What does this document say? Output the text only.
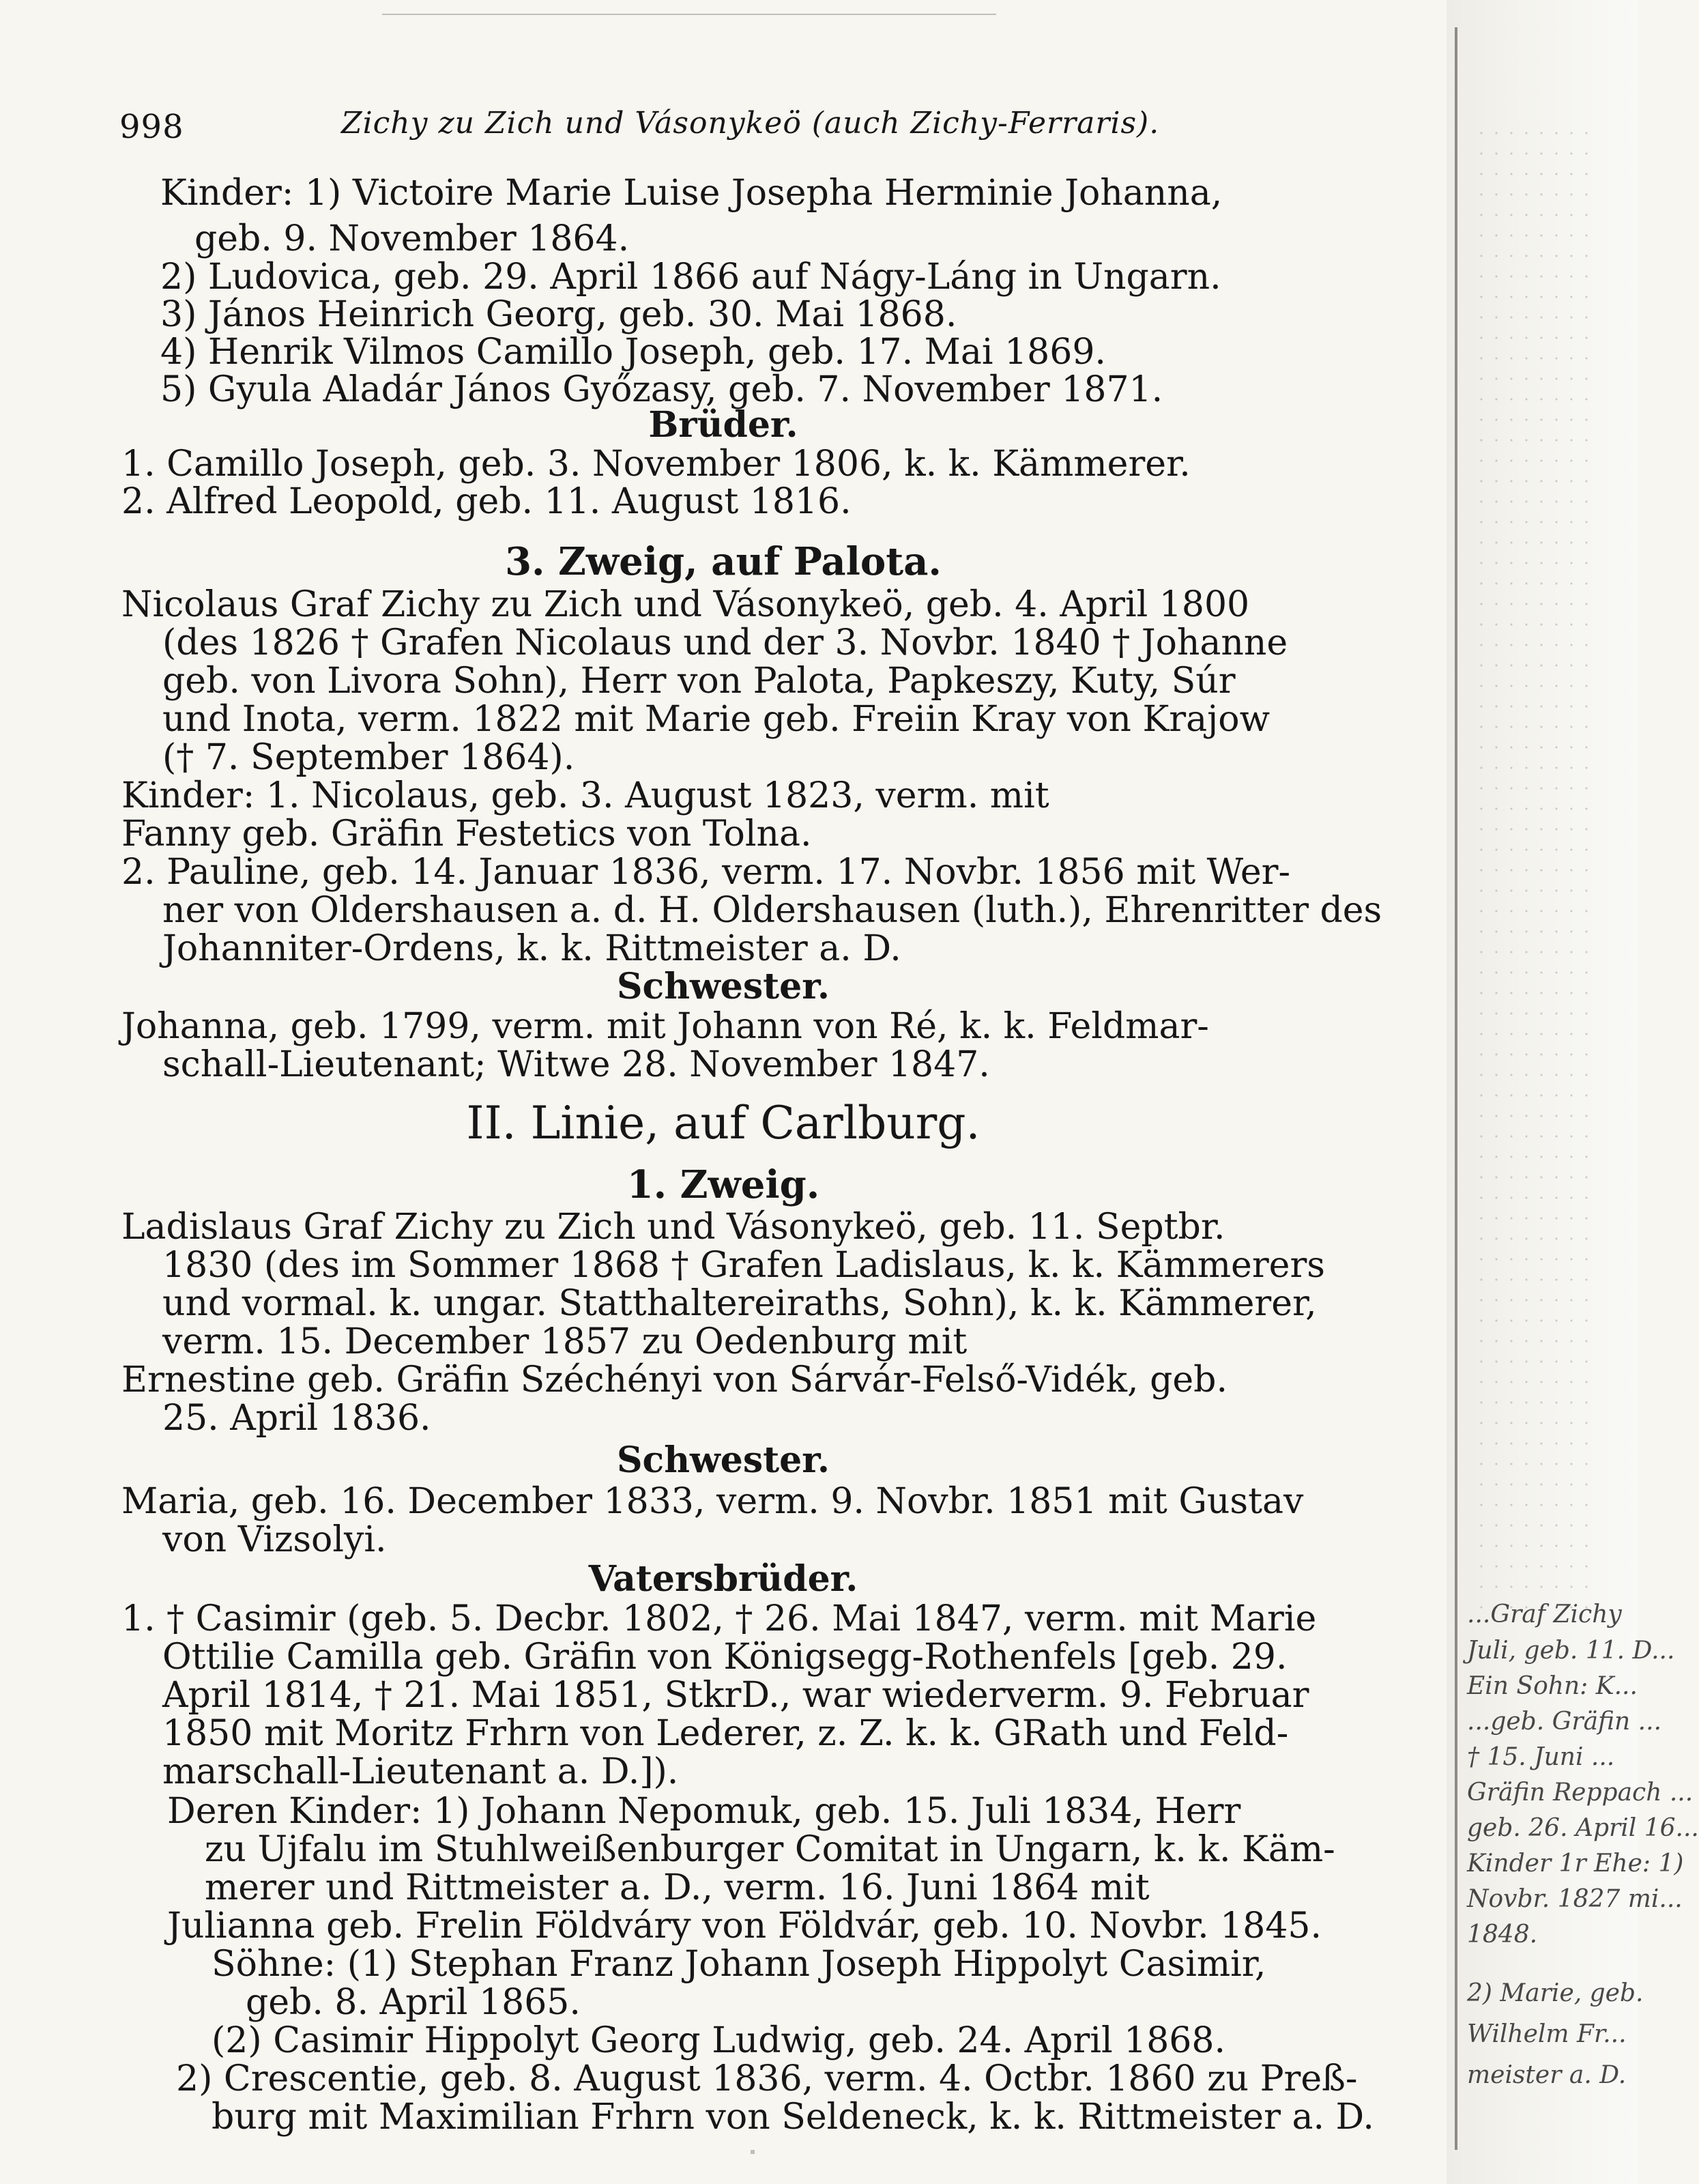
998	Zichy zu Zich und Vásonykeö (auch Zichy-Ferraris).
Kinder: 1) Victoire Marie Luise Josepha Herminie Johanna,
geb. 9. November 1864.
2) Ludovica, geb. 29. April 1866 auf Nágy-Láng in Ungarn.
3) János Heinrich Georg, geb. 30. Mai 1868.
4) Henrik Vilmos Camillo Joseph, geb. 17. Mai 1869.
5) Gyula Aladár János Győzasy, geb. 7. November 1871.
Brüder.
1. Camillo Joseph, geb. 3. November 1806, k. k. Kämmerer.
2. Alfred Leopold, geb. 11. August 1816.
3. Zweig, auf Palota.
Nicolaus Graf Zichy zu Zich und Vásonykeö, geb. 4. April 1800
(des 1826 † Grafen Nicolaus und der 3. Novbr. 1840 † Johanne
geb. von Livora Sohn), Herr von Palota, Papkeszy, Kuty, Súr
und Inota, verm. 1822 mit Marie geb. Freiin Kray von Krajow
(† 7. September 1864).
Kinder: 1. Nicolaus, geb. 3. August 1823, verm. mit
Fanny geb. Gräfin Festetics von Tolna.
2. Pauline, geb. 14. Januar 1836, verm. 17. Novbr. 1856 mit Wer-
ner von Oldershausen a. d. H. Oldershausen (luth.), Ehrenritter des
Johanniter-Ordens, k. k. Rittmeister a. D.
Schwester.
Johanna, geb. 1799, verm. mit Johann von Ré, k. k. Feldmar-
schall-Lieutenant; Witwe 28. November 1847.
II. Linie, auf Carlburg.
1. Zweig.
Ladislaus Graf Zichy zu Zich und Vásonykeö, geb. 11. Septbr.
1830 (des im Sommer 1868 † Grafen Ladislaus, k. k. Kämmerers
und vormal. k. ungar. Statthaltereiraths, Sohn), k. k. Kämmerer,
verm. 15. December 1857 zu Oedenburg mit
Ernestine geb. Gräfin Széchényi von Sárvár-Felső-Vidék, geb.
25. April 1836.
Schwester.
Maria, geb. 16. December 1833, verm. 9. Novbr. 1851 mit Gustav
von Vizsolyi.
Vatersbrüder.
1. † Casimir (geb. 5. Decbr. 1802, † 26. Mai 1847, verm. mit Marie
Ottilie Camilla geb. Gräfin von Königsegg-Rothenfels [geb. 29.
April 1814, † 21. Mai 1851, StkrD., war wiederverm. 9. Februar
1850 mit Moritz Frhrn von Lederer, z. Z. k. k. GRath und Feld-
marschall-Lieutenant a. D.]).
Deren Kinder: 1) Johann Nepomuk, geb. 15. Juli 1834, Herr
zu Ujfalu im Stuhlweißenburger Comitat in Ungarn, k. k. Käm-
merer und Rittmeister a. D., verm. 16. Juni 1864 mit
Julianna geb. Frelin Földváry von Földvár, geb. 10. Novbr. 1845.
Söhne: (1) Stephan Franz Johann Joseph Hippolyt Casimir,
geb. 8. April 1865.
(2) Casimir Hippolyt Georg Ludwig, geb. 24. April 1868.
2) Crescentie, geb. 8. August 1836, verm. 4. Octbr. 1860 zu Preß-
burg mit Maximilian Frhrn von Seldeneck, k. k. Rittmeister a. D.
...Graf Zichy
Juli, geb. 11. D...
Ein Sohn: K...
...geb. Gräfin ...
† 15. Juni ...
Gräfin Reppach ...
geb. 26. April 16...
Kinder 1r Ehe: 1)
Novbr. 1827 mi...
1848.
2) Marie, geb.
Wilhelm Fr...
meister a. D.
